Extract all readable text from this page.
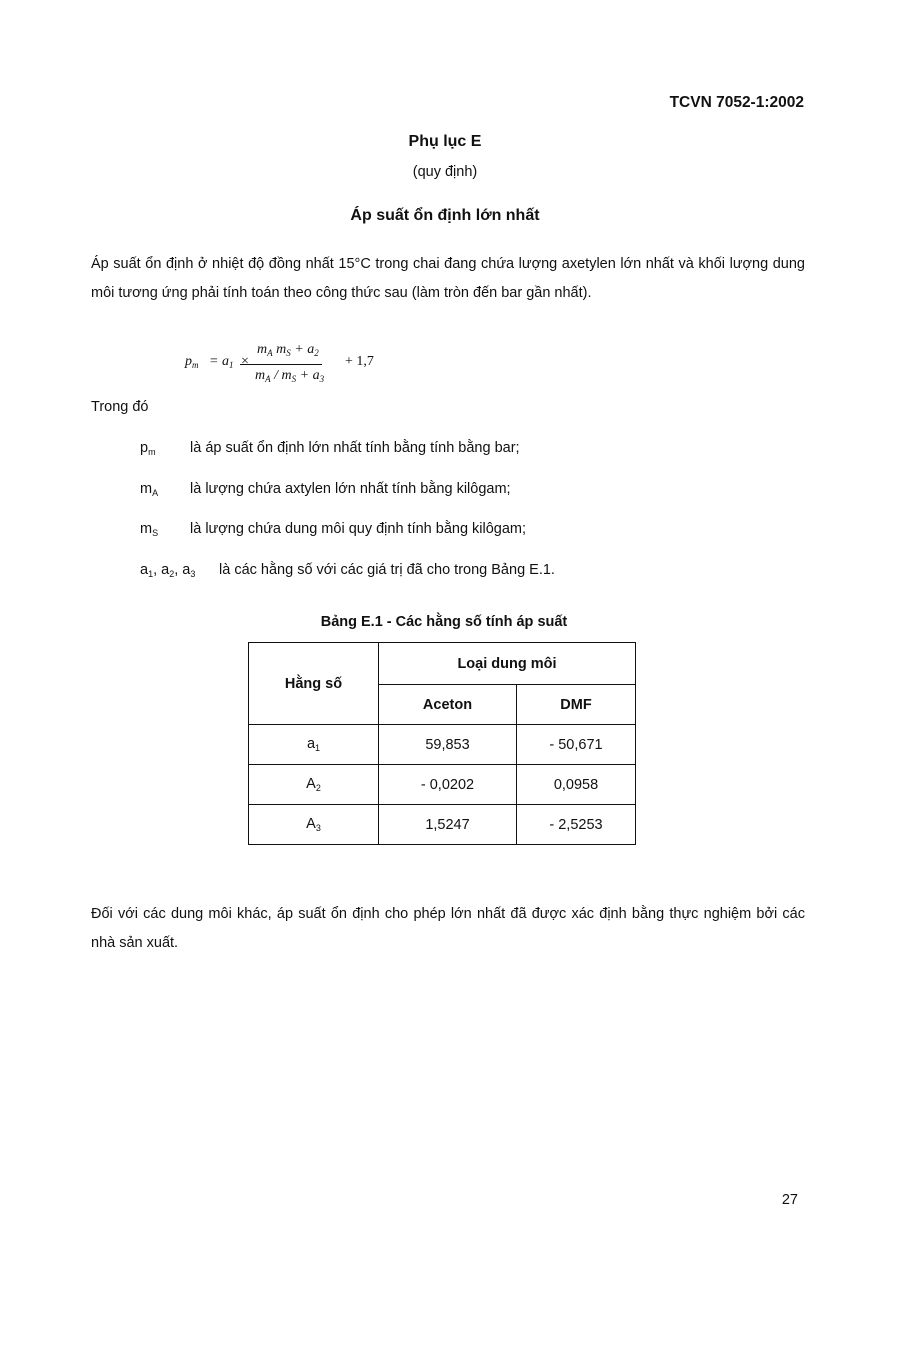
TCVN 7052-1:2002
Phụ lục E
(quy định)
Áp suất ổn định lớn nhất
Áp suất ổn định ở nhiệt độ đồng nhất 15°C trong chai đang chứa lượng axetylen lớn nhất và khối lượng dung môi tương ứng phải tính toán theo công thức sau (làm tròn đến bar gần nhất).
$p_m = a_1$ ×
$m_A$ $m_S + a_2$
$m_A / m_S + a_3$
+ 1,7
Trong đó
$p_m$ là áp suất ổn định lớn nhất tính bằng tính bằng bar;
$m_A$ là lượng chứa axtylen lớn nhất tính bằng kilôgam;
$m_S$ là lượng chứa dung môi quy định tính bằng kilôgam;
$a_1$, $a_2$, $a_3$ là các hằng số với các giá trị đã cho trong Bảng E.1.
Bảng E.1 - Các hằng số tính áp suất
Hằng số	Loại dung môi	
	Aceton	DMF
$a_1$	59,853	- 50,671
$A_2$	- 0,0202	0,0958
$A_3$	1,5247	- 2,5253
Đối với các dung môi khác, áp suất ổn định cho phép lớn nhất đã được xác định bằng thực nghiệm bởi các nhà sản xuất.
27
